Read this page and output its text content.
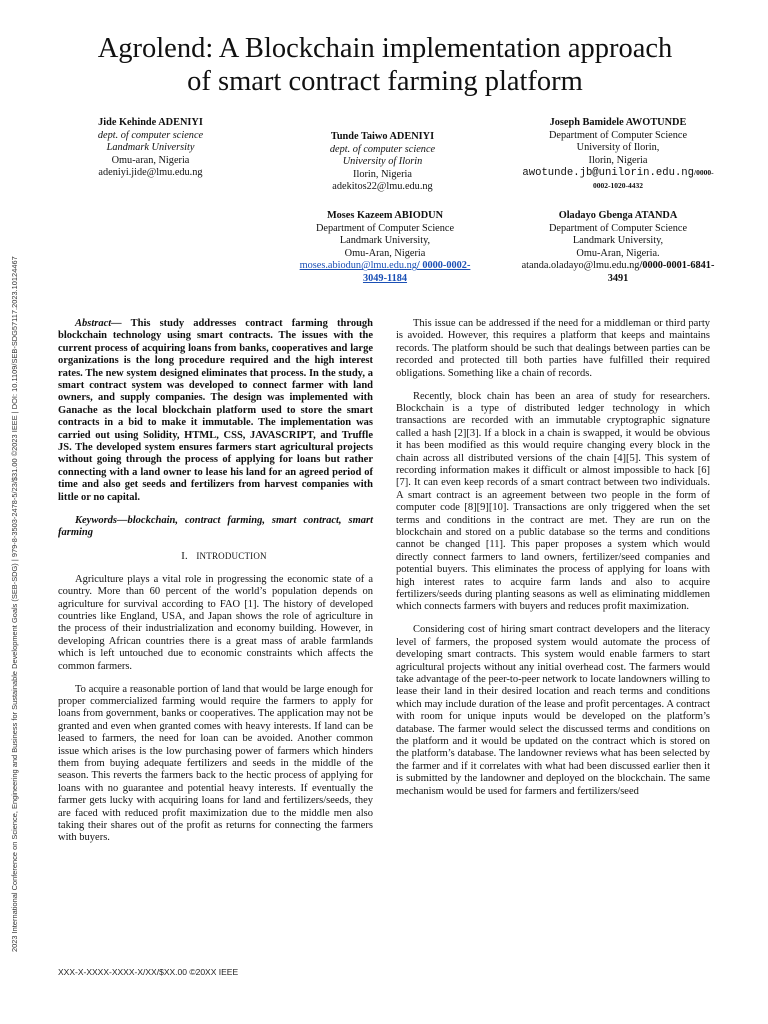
2023 International Conference on Science, Engineering and Business for Sustainable Development Goals (SEB-SDG) | 979-8-3503-2478-5/23/$31.00 ©2023 IEEE | DOI: 10.1109/SEB-SDG57117.2023.10124467
Agrolend: A Blockchain implementation approach
of smart contract farming platform
Jide Kehinde ADENIYI
dept. of computer science
Landmark University
Omu-aran, Nigeria
adeniyi.jide@lmu.edu.ng
Tunde Taiwo ADENIYI
dept. of computer science
University of Ilorin
Ilorin, Nigeria
adekitos22@lmu.edu.ng
Joseph Bamidele AWOTUNDE
Department of Computer Science
University of Ilorin,
Ilorin, Nigeria
awotunde.jb@unilorin.edu.ng/0000-0002-1020-4432
Moses Kazeem ABIODUN
Department of Computer Science
Landmark University,
Omu-Aran, Nigeria
moses.abiodun@lmu.edu.ng/ 0000-0002-3049-1184
Oladayo Gbenga ATANDA
Department of Computer Science
Landmark University,
Omu-Aran, Nigeria.
atanda.oladayo@lmu.edu.ng/0000-0001-6841-3491

Abstract— This study addresses contract farming through blockchain technology using smart contracts. The issues with the current process of acquiring loans from banks, cooperatives and large organizations is the long procedure required and the high interest rates. The new system designed eliminates that process. In the study, a smart contract system was developed to connect farmer with land owners, and supply companies. The design was implemented with Ganache as the local blockchain platform used to store the smart contracts in a bid to make it immutable. The implementation was carried out using Solidity, HTML, CSS, JAVASCRIPT, and Truffle JS. The developed system ensures farmers start agricultural projects without going through the process of applying for loans but rather connecting with a land owner to lease his land for an agreed period of time and also get seeds and fertilizers from harvest companies with little or no capital.

Keywords—blockchain, contract farming, smart contract, smart farming

I. INTRODUCTION

Agriculture plays a vital role in progressing the economic state of a country. More than 60 percent of the world’s population depends on agriculture for survival according to FAO [1]. The history of developed countries like England, USA, and Japan shows the role of agriculture in the process of their industrialization and economy building. However, in developing African countries there is a great mass of arable farmlands which is left untouched due to economic constraints which affects the common farmers.

To acquire a reasonable portion of land that would be large enough for proper commercialized farming would require the farmers to apply for loans from government, banks or cooperatives. The application may not be granted and even when granted comes with heavy interests. If land can be leased to farmers, the need for loan can be avoided. Another common issue which arises is the low purchasing power of farmers which hinders them from buying adequate fertilizers and seeds in the middle of the season. This reverts the farmers back to the hectic process of applying for loans with no guarantee and potential heavy interests. If eventually the farmer gets lucky with acquiring loans for land and fertilizers/seeds, they are faced with reduced profit maximization due to the middle men also taking their shares out of the profit as returns for connecting the farmers with buyers.

This issue can be addressed if the need for a middleman or third party is avoided. However, this requires a platform that keeps and maintains records. The platform should be such that dealings between parties can be recorded and protected till both parties have fulfilled their required obligations. Something like a chain of records.

Recently, block chain has been an area of study for researchers. Blockchain is a type of distributed ledger technology in which transactions are recorded with an immutable cryptographic signature called a hash [2][3]. If a block in a chain is swapped, it would be obvious it has been modified as this would require changing every block in the chain across all distributed versions of the chain [4][5]. This system of recording information makes it difficult or almost impossible to hack [6][7]. It can even keep records of a smart contract between two individuals. A smart contract is an agreement between two people in the form of computer code [8][9][10]. Transactions are only triggered when the set terms and conditions in the contract are met. They are run on the blockchain and stored on a public database so the terms and conditions cannot be changed [11]. This paper proposes a system which would directly connect farmers to land owners, fertilizer/seed companies and potential buyers. This eliminates the process of applying for loans with high interest rates to acquire farm lands and also to acquire fertilizers/seeds during planting seasons as well as eliminating middlemen which connects farmers with buyers and reduces profit maximization.

Considering cost of hiring smart contract developers and the literacy level of farmers, the proposed system would automate the process of developing smart contracts. This system would enable farmers to start agricultural projects without any initial overhead cost. The farmers would take advantage of the peer-to-peer network to locate landowners willing to lease their land in their desired location and reach terms and conditions which may include duration of the lease and profit percentages. A contract with room for unique inputs would be developed on the platform’s database. The farmer would select the discussed terms and conditions on the platform and it would be updated on the contract which is stored on the platform’s database. The landowner reviews what has been selected by the farmer and if it correlates with what had been discussed earlier then it is submitted by the landowner and deployed on the blockchain. The same mechanism would be used for farmers and fertilizers/seed

XXX-X-XXXX-XXXX-X/XX/$XX.00 ©20XX IEEE
